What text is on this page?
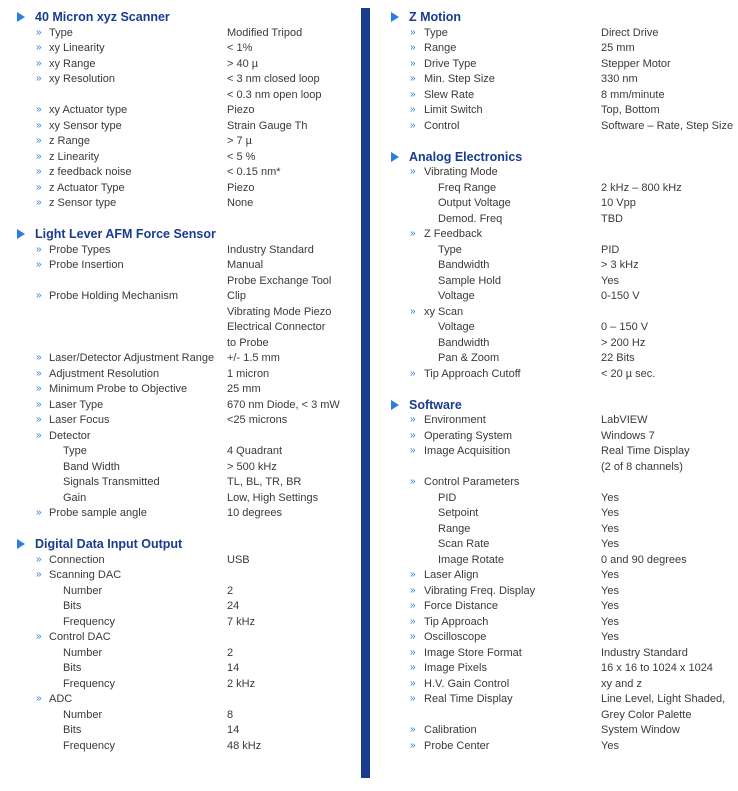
40 Micron xyz Scanner
» Type	Modified Tripod
» xy Linearity	< 1%
» xy Range	> 40 µ
» xy Resolution	< 3 nm closed loop
< 0.3 nm open loop
» xy Actuator type	Piezo
» xy Sensor type	Strain Gauge Th
» z Range	> 7 µ
» z Linearity	< 5 %
» z feedback noise	< 0.15 nm*
» z Actuator Type	Piezo
» z Sensor type	None
Light Lever AFM Force Sensor
» Probe Types	Industry Standard
» Probe Insertion	Manual
Probe Exchange Tool
» Probe Holding Mechanism	Clip
Vibrating Mode Piezo
Electrical Connector
to Probe
» Laser/Detector Adjustment Range +/- 1.5 mm
» Adjustment Resolution	1 micron
» Minimum Probe to Objective	25 mm
» Laser Type	670 nm Diode, < 3 mW
» Laser Focus	<25 microns
» Detector
Type	4 Quadrant
Band Width	> 500 kHz
Signals Transmitted	TL, BL, TR, BR
Gain	Low, High Settings
» Probe sample angle	10 degrees
Digital Data Input Output
» Connection	USB
» Scanning DAC
Number	2
Bits	24
Frequency	7 kHz
» Control DAC
Number	2
Bits	14
Frequency	2 kHz
» ADC
Number	8
Bits	14
Frequency	48 kHz
Z Motion
» Type	Direct Drive
» Range	25 mm
» Drive Type	Stepper Motor
» Min. Step Size	330 nm
» Slew Rate	8 mm/minute
» Limit Switch	Top, Bottom
» Control	Software – Rate, Step Size
Analog Electronics
» Vibrating Mode
Freq Range	2 kHz – 800 kHz
Output Voltage	10 Vpp
Demod. Freq	TBD
» Z Feedback
Type	PID
Bandwidth	> 3 kHz
Sample Hold	Yes
Voltage	0-150 V
» xy Scan
Voltage	0 – 150 V
Bandwidth	> 200 Hz
Pan & Zoom	22 Bits
» Tip Approach Cutoff	< 20 µ sec.
Software
» Environment	LabVIEW
» Operating System	Windows 7
» Image Acquisition	Real Time Display
(2 of 8 channels)
» Control Parameters
PID	Yes
Setpoint	Yes
Range	Yes
Scan Rate	Yes
Image Rotate	0 and 90 degrees
» Laser Align	Yes
» Vibrating Freq. Display	Yes
» Force Distance	Yes
» Tip Approach	Yes
» Oscilloscope	Yes
» Image Store Format	Industry Standard
» Image Pixels	16 x 16 to 1024 x 1024
» H.V. Gain Control	xy and z
» Real Time Display	Line Level, Light Shaded,
Grey Color Palette
» Calibration	System Window
» Probe Center	Yes
